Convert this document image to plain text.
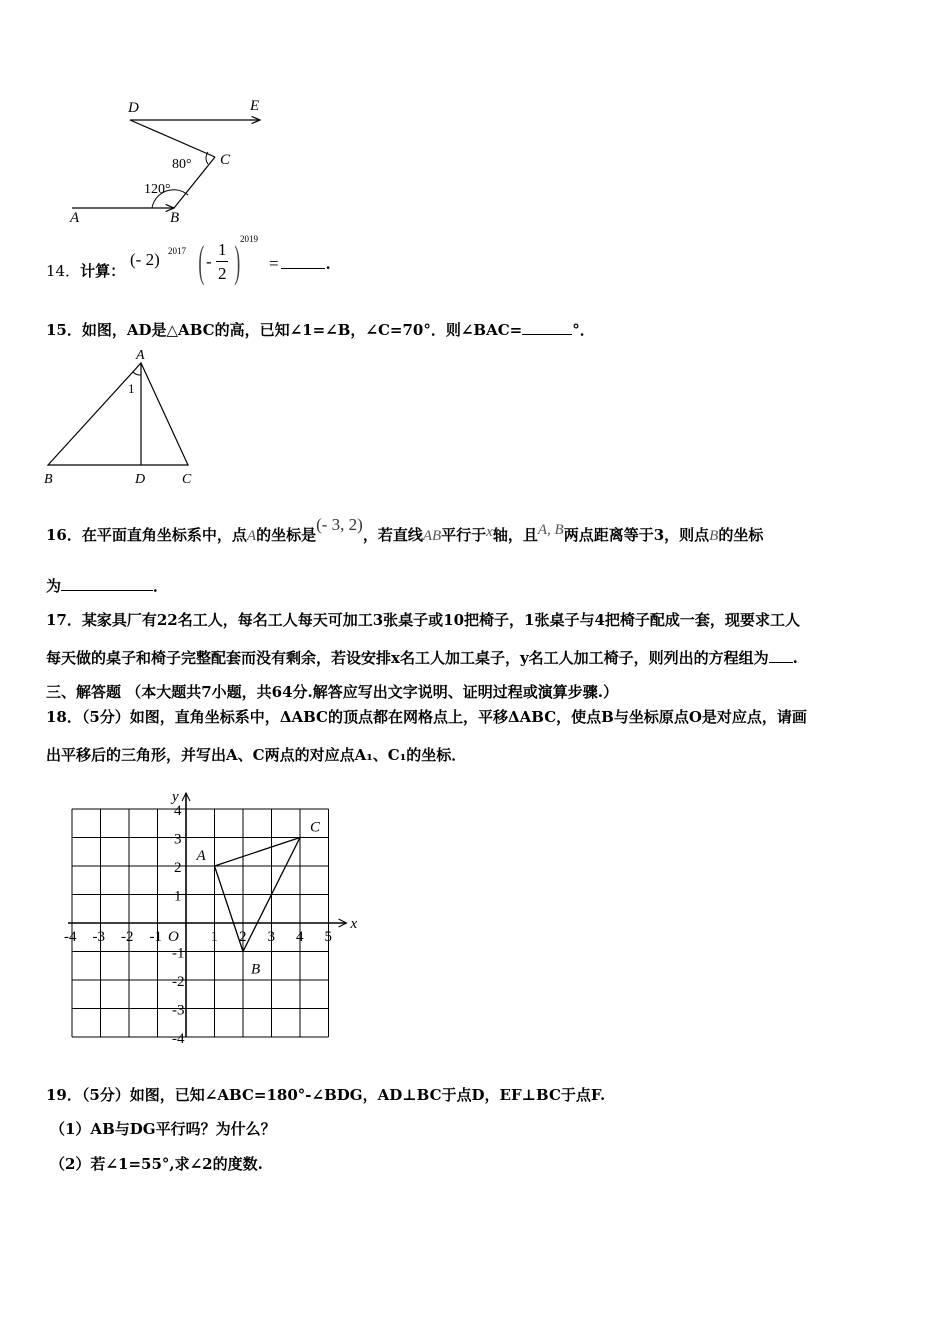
D	E
C
A	B
80°
120°
14．计算：
(- 2) 2017 ( -
1
2 ) 2019
=	.
15．如图，AD是△ABC的高，已知∠1=∠B，∠C=70°．则∠BAC=	°．
A
1
B	D	C
16．在平面直角坐标系中，点A的坐标是(- 3, 2)，若直线AB平行于x轴，且A, B两点距离等于3，则点B的坐标
为	．
17．某家具厂有22名工人，每名工人每天可加工3张桌子或10把椅子，1张桌子与4把椅子配成一套，现要求工人
每天做的桌子和椅子完整配套而没有剩余，若设安排x名工人加工桌子，y名工人加工椅子，则列出的方程组为 .
三、解答题 （本大题共7小题，共64分.解答应写出文字说明、证明过程或演算步骤.）
18．（5分）如图，直角坐标系中，ΔABC的顶点都在网格点上，平移ΔABC，使点B与坐标原点O是对应点，请画
出平移后的三角形，并写出A、C两点的对应点A₁、C₁的坐标．
x
y
O
-4 -3 -2 -1	1 2 3 4 5
4
3
2
1
-1
-2
-3
-4
A
B
C
19．（5分）如图，已知∠ABC=180°-∠BDG，AD⊥BC于点D，EF⊥BC于点F.
（1）AB与DG平行吗？为什么？
（2）若∠1=55°,求∠2的度数.
